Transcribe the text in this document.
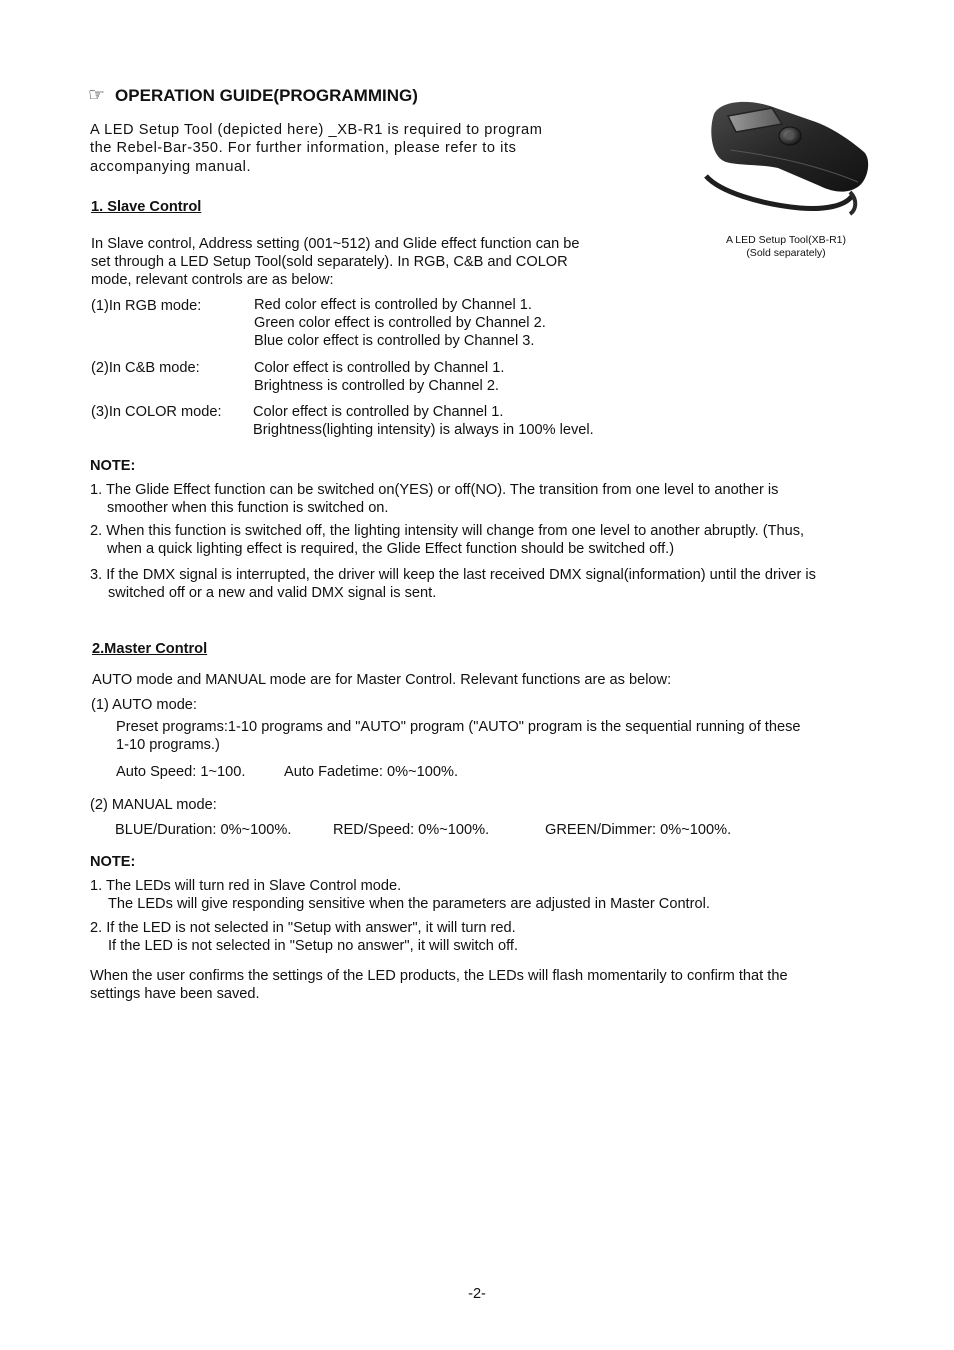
☞ OPERATION GUIDE(PROGRAMMING)
A LED Setup Tool (depicted here) _XB-R1 is required to program
the Rebel-Bar-350. For further information, please refer to its
accompanying manual.
A LED Setup Tool(XB-R1)
(Sold separately)
1. Slave Control
In Slave control, Address setting (001~512) and Glide effect function can be
set through a LED Setup Tool(sold separately). In RGB, C&B and COLOR
mode, relevant controls are as below:
(1)In RGB mode:	Red color effect is controlled by Channel 1.
Green color effect is controlled by Channel 2.
Blue color effect is controlled by Channel 3.
(2)In C&B mode:	Color effect is controlled by Channel 1.
Brightness is controlled by Channel 2.
(3)In COLOR mode: Color effect is controlled by Channel 1.
Brightness(lighting intensity) is always in 100% level.
NOTE:
1. The Glide Effect function can be switched on(YES) or off(NO). The transition from one level to another is
smoother when this function is switched on.
2. When this function is switched off, the lighting intensity will change from one level to another abruptly. (Thus,
when a quick lighting effect is required, the Glide Effect function should be switched off.)
3. If the DMX signal is interrupted, the driver will keep the last received DMX signal(information) until the driver is
switched off or a new and valid DMX signal is sent.
2.Master Control
AUTO mode and MANUAL mode are for Master Control. Relevant functions are as below:
(1) AUTO mode:
Preset programs:1-10 programs and "AUTO" program ("AUTO" program is the sequential running of these
1-10 programs.)
Auto Speed: 1~100.	Auto Fadetime: 0%~100%.
(2) MANUAL mode:
BLUE/Duration: 0%~100%.	RED/Speed: 0%~100%.	GREEN/Dimmer: 0%~100%.
NOTE:
1. The LEDs will turn red in Slave Control mode.
The LEDs will give responding sensitive when the parameters are adjusted in Master Control.
2. If the LED is not selected in "Setup with answer", it will turn red.
If the LED is not selected in "Setup no answer", it will switch off.
When the user confirms the settings of the LED products, the LEDs will flash momentarily to confirm that the
settings have been saved.
-2-
